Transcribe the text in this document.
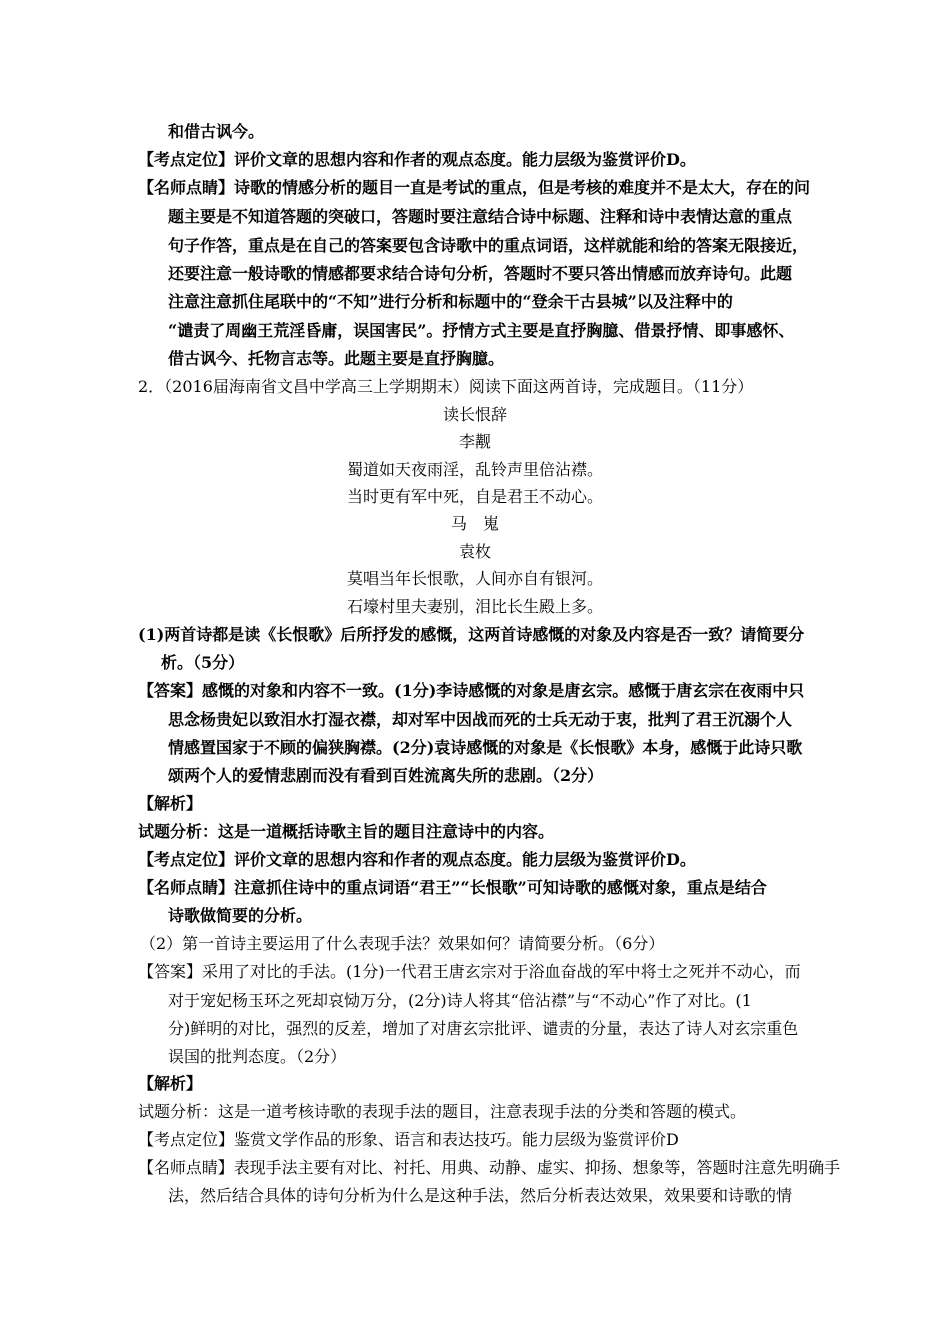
和借古讽今。
【考点定位】评价文章的思想内容和作者的观点态度。能力层级为鉴赏评价D。
【名师点睛】诗歌的情感分析的题目一直是考试的重点，但是考核的难度并不是太大，存在的问
题主要是不知道答题的突破口，答题时要注意结合诗中标题、注释和诗中表情达意的重点
句子作答，重点是在自己的答案要包含诗歌中的重点词语，这样就能和给的答案无限接近，
还要注意一般诗歌的情感都要求结合诗句分析，答题时不要只答出情感而放弃诗句。此题
注意注意抓住尾联中的“不知”进行分析和标题中的“登余干古县城”以及注释中的
“谴责了周幽王荒淫昏庸，误国害民”。抒情方式主要是直抒胸臆、借景抒情、即事感怀、
借古讽今、托物言志等。此题主要是直抒胸臆。
2．（2016届海南省文昌中学高三上学期期末）阅读下面这两首诗，完成题目。（11分）
读长恨辞
李觏
蜀道如天夜雨淫，乱铃声里倍沾襟。
当时更有军中死，自是君王不动心。
马　嵬
袁枚
莫唱当年长恨歌，人间亦自有银河。
石壕村里夫妻别，泪比长生殿上多。
(1)两首诗都是读《长恨歌》后所抒发的感慨，这两首诗感慨的对象及内容是否一致？请简要分
析。（5分）
【答案】感慨的对象和内容不一致。(1分)李诗感慨的对象是唐玄宗。感慨于唐玄宗在夜雨中只
思念杨贵妃以致泪水打湿衣襟，却对军中因战而死的士兵无动于衷，批判了君王沉溺个人
情感置国家于不顾的偏狭胸襟。(2分)袁诗感慨的对象是《长恨歌》本身，感慨于此诗只歌
颂两个人的爱情悲剧而没有看到百姓流离失所的悲剧。（2分）
【解析】
试题分析：这是一道概括诗歌主旨的题目注意诗中的内容。
【考点定位】评价文章的思想内容和作者的观点态度。能力层级为鉴赏评价D。
【名师点睛】注意抓住诗中的重点词语“君王”“长恨歌”可知诗歌的感慨对象，重点是结合
诗歌做简要的分析。
（2）第一首诗主要运用了什么表现手法？效果如何？请简要分析。（6分）
【答案】采用了对比的手法。(1分)一代君王唐玄宗对于浴血奋战的军中将士之死并不动心，而
对于宠妃杨玉环之死却哀恸万分，(2分)诗人将其“倍沾襟”与“不动心”作了对比。(1
分)鲜明的对比，强烈的反差，增加了对唐玄宗批评、谴责的分量，表达了诗人对玄宗重色
误国的批判态度。（2分）
【解析】
试题分析：这是一道考核诗歌的表现手法的题目，注意表现手法的分类和答题的模式。
【考点定位】鉴赏文学作品的形象、语言和表达技巧。能力层级为鉴赏评价D
【名师点睛】表现手法主要有对比、衬托、用典、动静、虚实、抑扬、想象等，答题时注意先明确手
法，然后结合具体的诗句分析为什么是这种手法，然后分析表达效果，效果要和诗歌的情
